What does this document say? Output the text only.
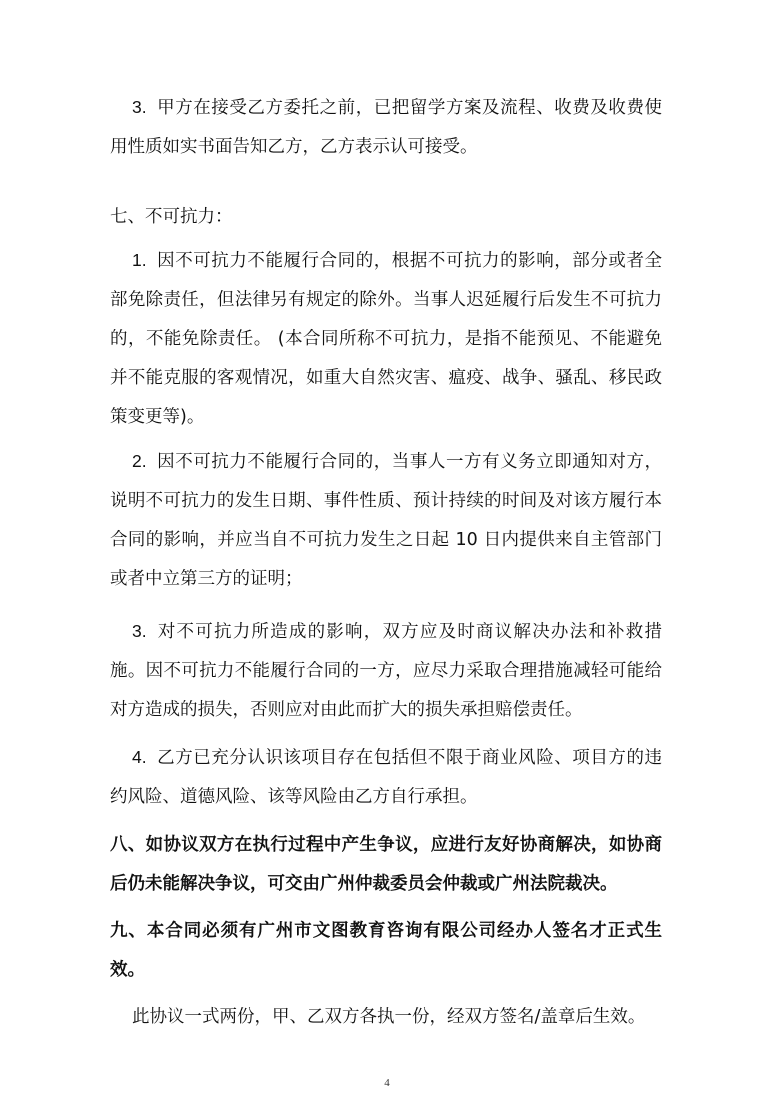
3. 甲方在接受乙方委托之前，已把留学方案及流程、收费及收费使用性质如实书面告知乙方，乙方表示认可接受。

七、不可抗力：

1. 因不可抗力不能履行合同的，根据不可抗力的影响，部分或者全部免除责任，但法律另有规定的除外。当事人迟延履行后发生不可抗力的，不能免除责任。 (本合同所称不可抗力，是指不能预见、不能避免并不能克服的客观情况，如重大自然灾害、瘟疫、战争、骚乱、移民政策变更等)。

2. 因不可抗力不能履行合同的，当事人一方有义务立即通知对方，说明不可抗力的发生日期、事件性质、预计持续的时间及对该方履行本合同的影响，并应当自不可抗力发生之日起 10 日内提供来自主管部门或者中立第三方的证明；

3. 对不可抗力所造成的影响，双方应及时商议解决办法和补救措施。因不可抗力不能履行合同的一方，应尽力采取合理措施减轻可能给对方造成的损失，否则应对由此而扩大的损失承担赔偿责任。

4. 乙方已充分认识该项目存在包括但不限于商业风险、项目方的违约风险、道德风险、该等风险由乙方自行承担。

八、如协议双方在执行过程中产生争议，应进行友好协商解决，如协商后仍未能解决争议，可交由广州仲裁委员会仲裁或广州法院裁决。

九、本合同必须有广州市文图教育咨询有限公司经办人签名才正式生效。

此协议一式两份，甲、乙双方各执一份，经双方签名/盖章后生效。

4
